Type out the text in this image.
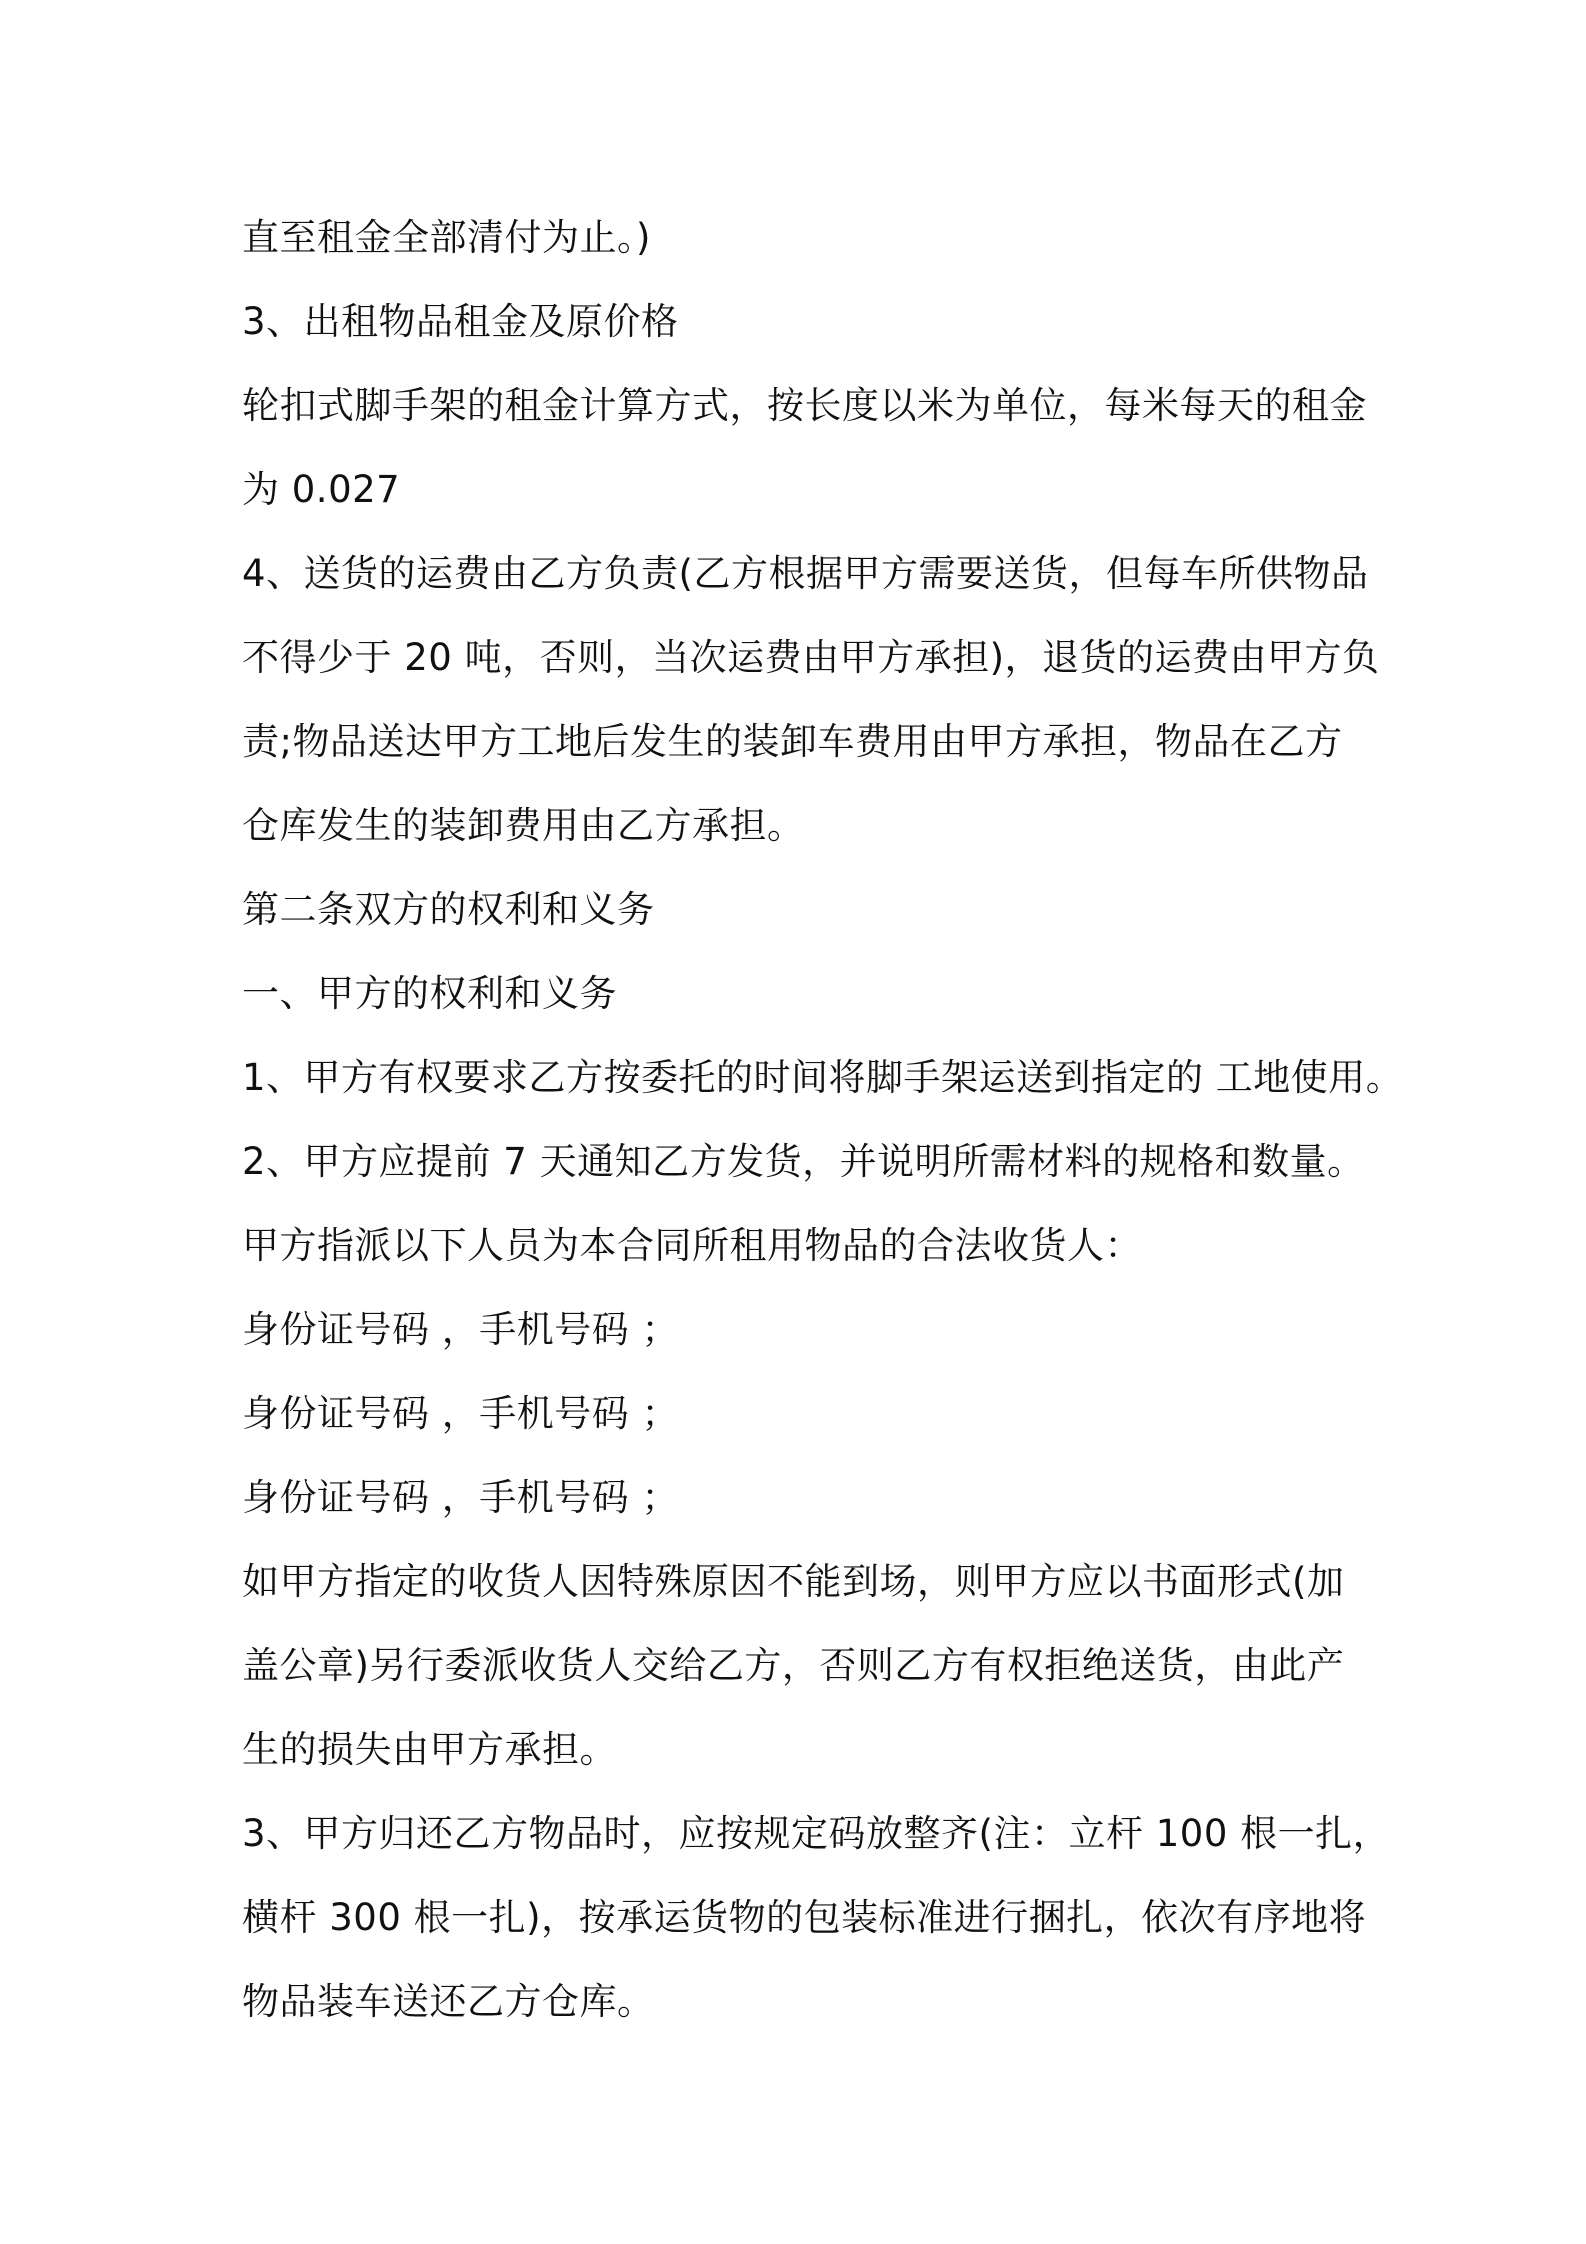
直至租金全部清付为止。)
3、出租物品租金及原价格
轮扣式脚手架的租金计算方式，按长度以米为单位，每米每天的租金
为 0.027
4、送货的运费由乙方负责(乙方根据甲方需要送货，但每车所供物品
不得少于 20 吨，否则，当次运费由甲方承担)，退货的运费由甲方负
责;物品送达甲方工地后发生的装卸车费用由甲方承担，物品在乙方
仓库发生的装卸费用由乙方承担。
第二条双方的权利和义务
一、甲方的权利和义务
1、甲方有权要求乙方按委托的时间将脚手架运送到指定的 工地使用。
2、甲方应提前 7 天通知乙方发货，并说明所需材料的规格和数量。
甲方指派以下人员为本合同所租用物品的合法收货人：
身份证号码 ，手机号码 ；
身份证号码 ，手机号码 ；
身份证号码 ，手机号码 ；
如甲方指定的收货人因特殊原因不能到场，则甲方应以书面形式(加
盖公章)另行委派收货人交给乙方，否则乙方有权拒绝送货，由此产
生的损失由甲方承担。
3、甲方归还乙方物品时，应按规定码放整齐(注：立杆 100 根一扎，
横杆 300 根一扎)，按承运货物的包装标准进行捆扎，依次有序地将
物品装车送还乙方仓库。
